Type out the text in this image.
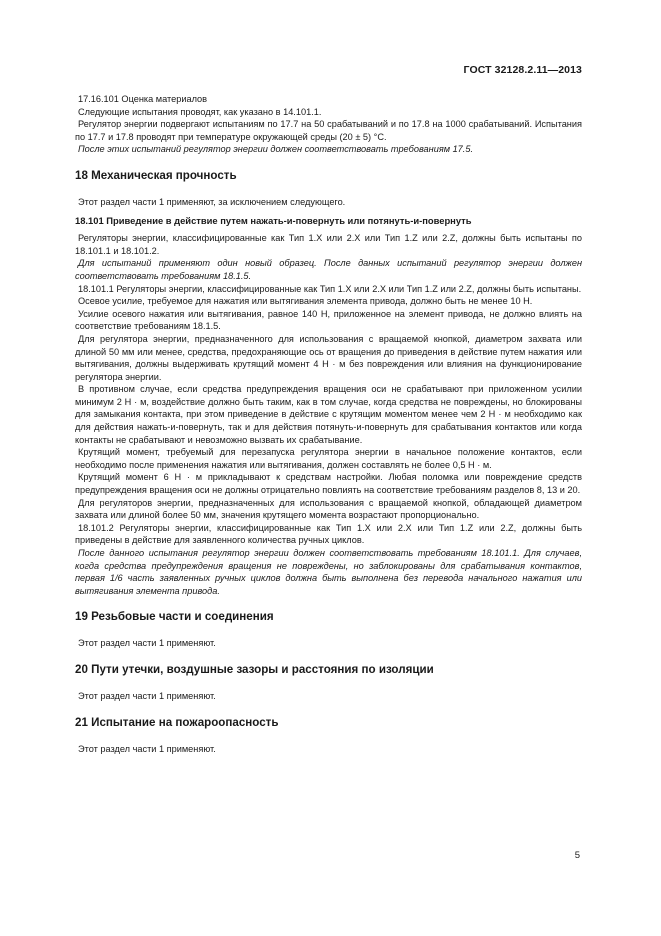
ГОСТ 32128.2.11—2013
17.16.101 Оценка материалов
Следующие испытания проводят, как указано в 14.101.1.
Регулятор энергии подвергают испытаниям по 17.7 на 50 срабатываний и по 17.8 на 1000 срабатываний. Испытания по 17.7 и 17.8 проводят при температуре окружающей среды (20 ± 5) °С.
После этих испытаний регулятор энергии должен соответствовать требованиям 17.5.
18 Механическая прочность
Этот раздел части 1 применяют, за исключением следующего.
18.101 Приведение в действие путем нажать-и-повернуть или потянуть-и-повернуть
Регуляторы энергии, классифицированные как Тип 1.X или 2.X или Тип 1.Z или 2.Z, должны быть испытаны по 18.101.1 и 18.101.2.
Для испытаний применяют один новый образец. После данных испытаний регулятор энергии должен соответствовать требованиям 18.1.5.
18.101.1 Регуляторы энергии, классифицированные как Тип 1.X или 2.X или Тип 1.Z или 2.Z, должны быть испытаны.
Осевое усилие, требуемое для нажатия или вытягивания элемента привода, должно быть не менее 10 Н.
Усилие осевого нажатия или вытягивания, равное 140 Н, приложенное на элемент привода, не должно влиять на соответствие требованиям 18.1.5.
Для регулятора энергии, предназначенного для использования с вращаемой кнопкой, диаметром захвата или длиной 50 мм или менее, средства, предохраняющие ось от вращения до приведения в действие путем нажатия или вытягивания, должны выдерживать крутящий момент 4 Н · м без повреждения или влияния на функционирование регулятора энергии.
В противном случае, если средства предупреждения вращения оси не срабатывают при приложенном усилии минимум 2 Н · м, воздействие должно быть таким, как в том случае, когда средства не повреждены, но блокированы для замыкания контакта, при этом приведение в действие с крутящим моментом менее чем 2 Н · м необходимо как для действия нажать-и-повернуть, так и для действия потянуть-и-повернуть для срабатывания контактов или когда контакты не срабатывают и невозможно вызвать их срабатывание.
Крутящий момент, требуемый для перезапуска регулятора энергии в начальное положение контактов, если необходимо после применения нажатия или вытягивания, должен составлять не более 0,5 Н · м.
Крутящий момент 6 Н · м прикладывают к средствам настройки. Любая поломка или повреждение средств предупреждения вращения оси не должны отрицательно повлиять на соответствие требованиям разделов 8, 13 и 20.
Для регуляторов энергии, предназначенных для использования с вращаемой кнопкой, обладающей диаметром захвата или длиной более 50 мм, значения крутящего момента возрастают пропорционально.
18.101.2 Регуляторы энергии, классифицированные как Тип 1.X или 2.X или Тип 1.Z или 2.Z, должны быть приведены в действие для заявленного количества ручных циклов.
После данного испытания регулятор энергии должен соответствовать требованиям 18.101.1. Для случаев, когда средства предупреждения вращения не повреждены, но заблокированы для срабатывания контактов, первая 1/6 часть заявленных ручных циклов должна быть выполнена без перевода начального нажатия или вытягивания элемента привода.
19 Резьбовые части и соединения
Этот раздел части 1 применяют.
20 Пути утечки, воздушные зазоры и расстояния по изоляции
Этот раздел части 1 применяют.
21 Испытание на пожароопасность
Этот раздел части 1 применяют.
5
